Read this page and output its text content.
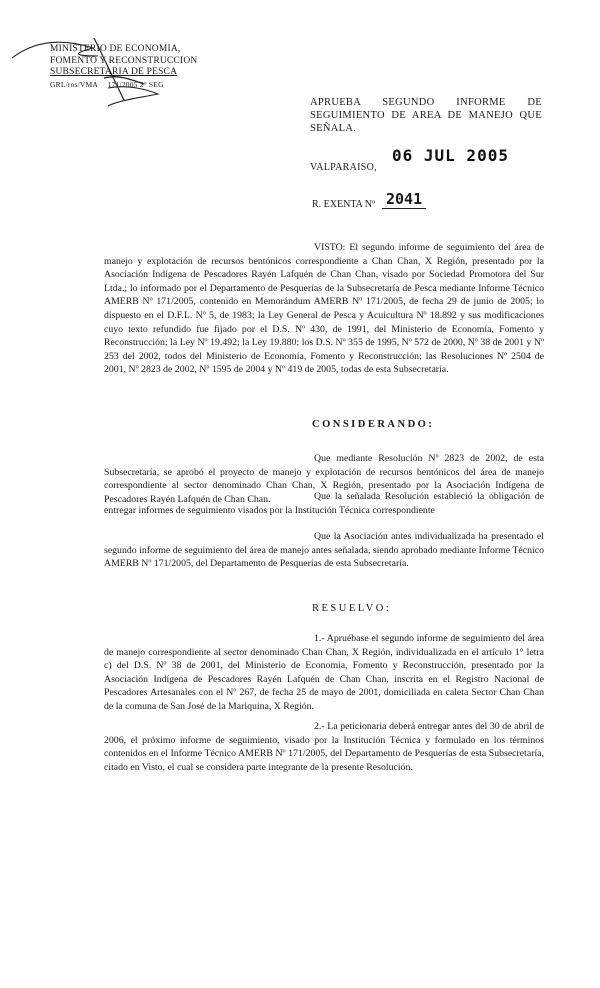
MINISTERIO DE ECONOMIA,
FOMENTO Y RECONSTRUCCION
SUBSECRETARIA DE PESCA
GRL/ros/VMA 171/2005 2° SEG
APRUEBA SEGUNDO INFORME DE
SEGUIMIENTO DE AREA DE MANEJO QUE
SEÑALA.
06 JUL 2005
VALPARAISO,
R. EXENTA Nº 2041
VISTO: El segundo informe de seguimiento del área de manejo y explotación de recursos bentónicos correspondiente a Chan Chan, X Región, presentado por la Asociación Indígena de Pescadores Rayén Lafquén de Chan Chan, visado por Sociedad Promotora del Sur Ltda.; lo informado por el Departamento de Pesquerías de la Subsecretaría de Pesca mediante Informe Técnico AMERB Nº 171/2005, contenido en Memorándum AMERB Nº 171/2005, de fecha 29 de junio de 2005; lo dispuesto en el D.F.L. Nº 5, de 1983; la Ley General de Pesca y Acuicultura Nº 18.892 y sus modificaciones cuyo texto refundido fue fijado por el D.S. Nº 430, de 1991, del Ministerio de Economía, Fomento y Reconstrucción; la Ley Nº 19.492; la Ley 19.880; los D.S. Nº 355 de 1995, Nº 572 de 2000, Nº 38 de 2001 y Nº 253 del 2002, todos del Ministerio de Economía, Fomento y Reconstrucción; las Resoluciones Nº 2504 de 2001, Nº 2823 de 2002, Nº 1595 de 2004 y Nº 419 de 2005, todas de esta Subsecretaría.
CONSIDERANDO:
Que mediante Resolución Nº 2823 de 2002, de esta Subsecretaría, se aprobó el proyecto de manejo y explotación de recursos bentónicos del área de manejo correspondiente al sector denominado Chan Chan, X Región, presentado por la Asociación Indígena de Pescadores Rayén Lafquén de Chan Chan.	Que la señalada Resolución estableció la obligación de entregar informes de seguimiento visados por la Institución Técnica correspondiente
Que la Asociación antes individualizada ha presentado el segundo informe de seguimiento del área de manejo antes señalada, siendo aprobado mediante Informe Técnico AMERB Nº 171/2005, del Departamento de Pesquerías de esta Subsecretaría.
RESUELVO:
1.- Apruébase el segundo informe de seguimiento del área de manejo correspondiente al sector denominado Chan Chan, X Región, individualizada en el artículo 1° letra c) del D.S. Nº 38 de 2001, del Ministerio de Economía, Fomento y Reconstrucción, presentado por la Asociación Indígena de Pescadores Rayén Lafquén de Chan Chan, inscrita en el Registro Nacional de Pescadores Artesanales con el Nº 267, de fecha 25 de mayo de 2001, domiciliada en caleta Sector Chan Chan de la comuna de San José de la Mariquina, X Región.
2.- La peticionaria deberá entregar antes del 30 de abril de 2006, el próximo informe de seguimiento, visado por la Institución Técnica y formulado en los términos contenidos en el Informe Técnico AMERB Nº 171/2005, del Departamento de Pesquerías de esta Subsecretaría, citado en Visto, el cual se considera parte integrante de la presente Resolución.
